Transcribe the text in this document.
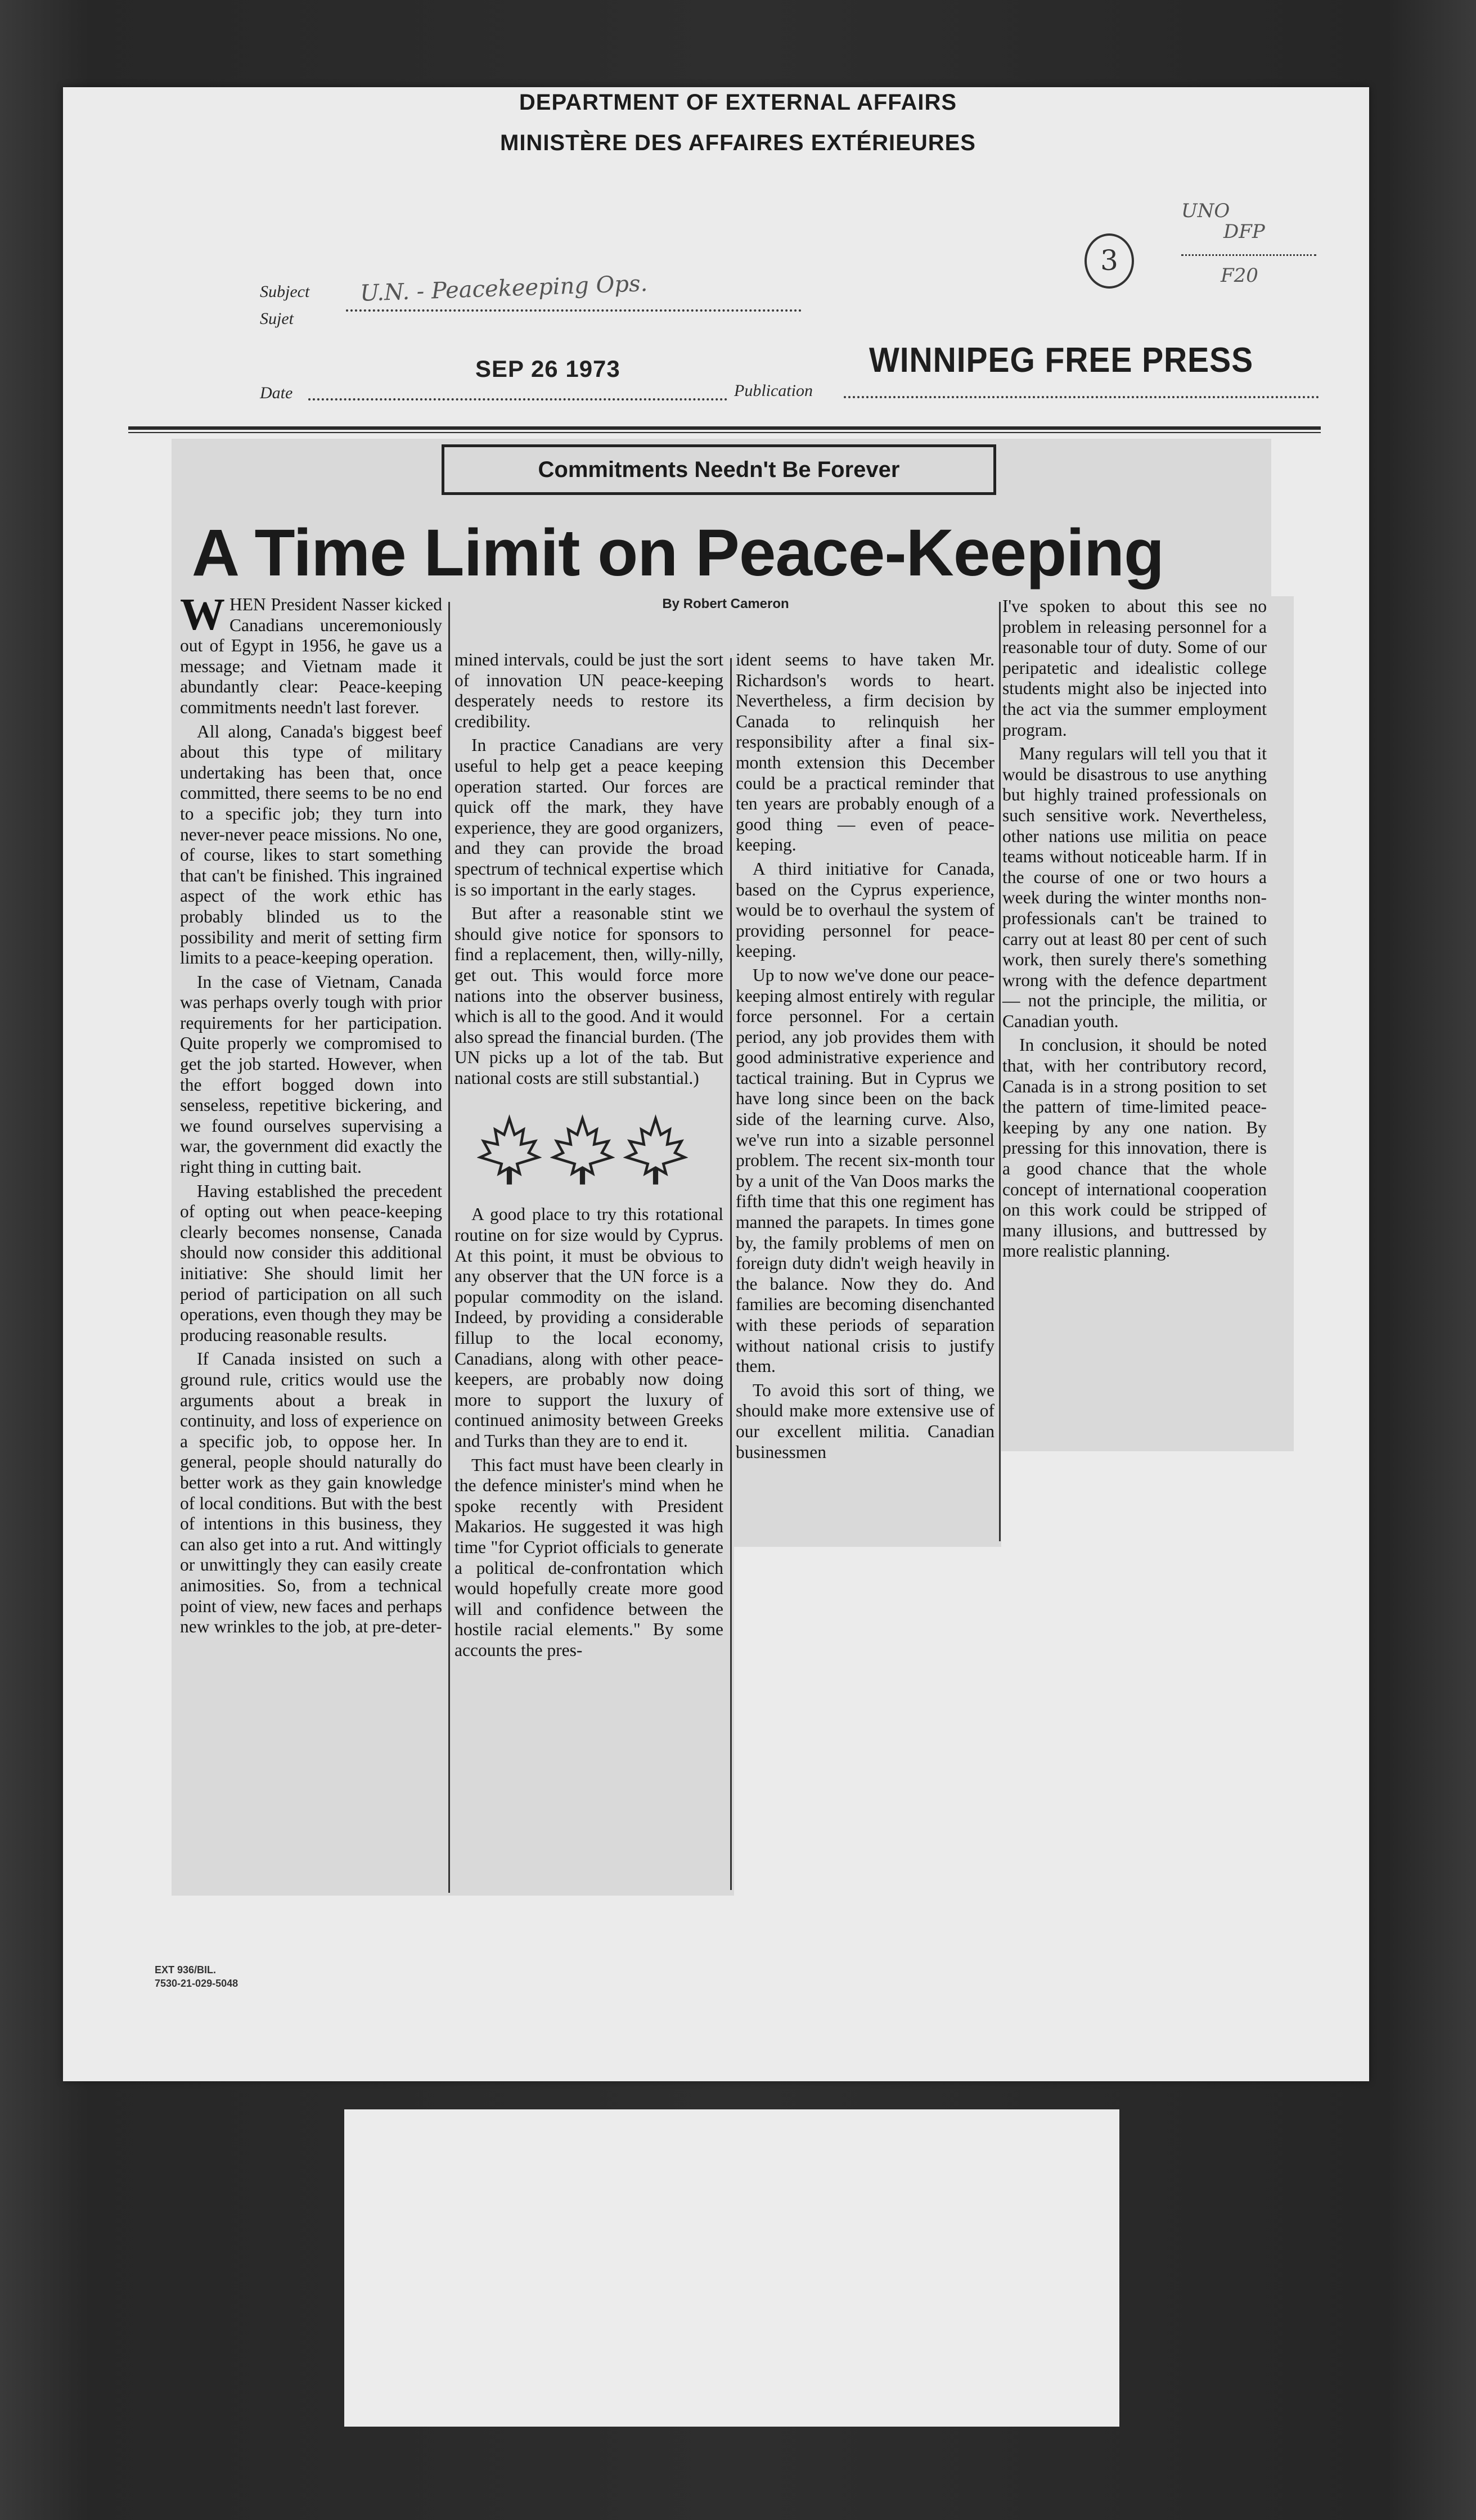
DEPARTMENT OF EXTERNAL AFFAIRS
MINISTÈRE DES AFFAIRES EXTÉRIEURES
Subject
Sujet
U.N. - Peacekeeping Ops.
Date
SEP 26 1973
Publication
WINNIPEG FREE PRESS
3
UNO
DFP
F20
Commitments Needn't Be Forever
A Time Limit on Peace-Keeping
By Robert Cameron

WHEN President Nasser kicked Canadians unceremoniously out of Egypt in 1956, he gave us a message; and Vietnam made it abundantly clear: Peace-keeping commitments needn't last forever.

All along, Canada's biggest beef about this type of military undertaking has been that, once committed, there seems to be no end to a specific job; they turn into never-never peace missions. No one, of course, likes to start something that can't be finished. This ingrained aspect of the work ethic has probably blinded us to the possibility and merit of setting firm limits to a peace-keeping operation.

In the case of Vietnam, Canada was perhaps overly tough with prior requirements for her participation. Quite properly we compromised to get the job started. However, when the effort bogged down into senseless, repetitive bickering, and we found ourselves supervising a war, the government did exactly the right thing in cutting bait.

Having established the precedent of opting out when peace-keeping clearly becomes nonsense, Canada should now consider this additional initiative: She should limit her period of participation on all such operations, even though they may be producing reasonable results.

If Canada insisted on such a ground rule, critics would use the arguments about a break in continuity, and loss of experience on a specific job, to oppose her. In general, people should naturally do better work as they gain knowledge of local conditions. But with the best of intentions in this business, they can also get into a rut. And wittingly or unwittingly they can easily create animosities. So, from a technical point of view, new faces and perhaps new wrinkles to the job, at pre-deter-

mined intervals, could be just the sort of innovation UN peace-keeping desperately needs to restore its credibility.

In practice Canadians are very useful to help get a peace keeping operation started. Our forces are quick off the mark, they have experience, they are good organizers, and they can provide the broad spectrum of technical expertise which is so important in the early stages.

But after a reasonable stint we should give notice for sponsors to find a replacement, then, willy-nilly, get out. This would force more nations into the observer business, which is all to the good. And it would also spread the financial burden. (The UN picks up a lot of the tab. But national costs are still substantial.)

A good place to try this rotational routine on for size would by Cyprus. At this point, it must be obvious to any observer that the UN force is a popular commodity on the island. Indeed, by providing a considerable fillup to the local economy, Canadians, along with other peace-keepers, are probably now doing more to support the luxury of continued animosity between Greeks and Turks than they are to end it.

This fact must have been clearly in the defence minister's mind when he spoke recently with President Makarios. He suggested it was high time "for Cypriot officials to generate a political de-confrontation which would hopefully create more good will and confidence between the hostile racial elements." By some accounts the pres-

ident seems to have taken Mr. Richardson's words to heart. Nevertheless, a firm decision by Canada to relinquish her responsibility after a final six-month extension this December could be a practical reminder that ten years are probably enough of a good thing — even of peace-keeping.

A third initiative for Canada, based on the Cyprus experience, would be to overhaul the system of providing personnel for peace-keeping.

Up to now we've done our peace-keeping almost entirely with regular force personnel. For a certain period, any job provides them with good administrative experience and tactical training. But in Cyprus we have long since been on the back side of the learning curve. Also, we've run into a sizable personnel problem. The recent six-month tour by a unit of the Van Doos marks the fifth time that this one regiment has manned the parapets. In times gone by, the family problems of men on foreign duty didn't weigh heavily in the balance. Now they do. And families are becoming disenchanted with these periods of separation without national crisis to justify them.

To avoid this sort of thing, we should make more extensive use of our excellent militia. Canadian businessmen

I've spoken to about this see no problem in releasing personnel for a reasonable tour of duty. Some of our peripatetic and idealistic college students might also be injected into the act via the summer employment program.

Many regulars will tell you that it would be disastrous to use anything but highly trained professionals on such sensitive work. Nevertheless, other nations use militia on peace teams without noticeable harm. If in the course of one or two hours a week during the winter months non-professionals can't be trained to carry out at least 80 per cent of such work, then surely there's something wrong with the defence department — not the principle, the militia, or Canadian youth.

In conclusion, it should be noted that, with her contributory record, Canada is in a strong position to set the pattern of time-limited peace-keeping by any one nation. By pressing for this innovation, there is a good chance that the whole concept of international cooperation on this work could be stripped of many illusions, and buttressed by more realistic planning.

EXT 936/BIL.
7530-21-029-5048
